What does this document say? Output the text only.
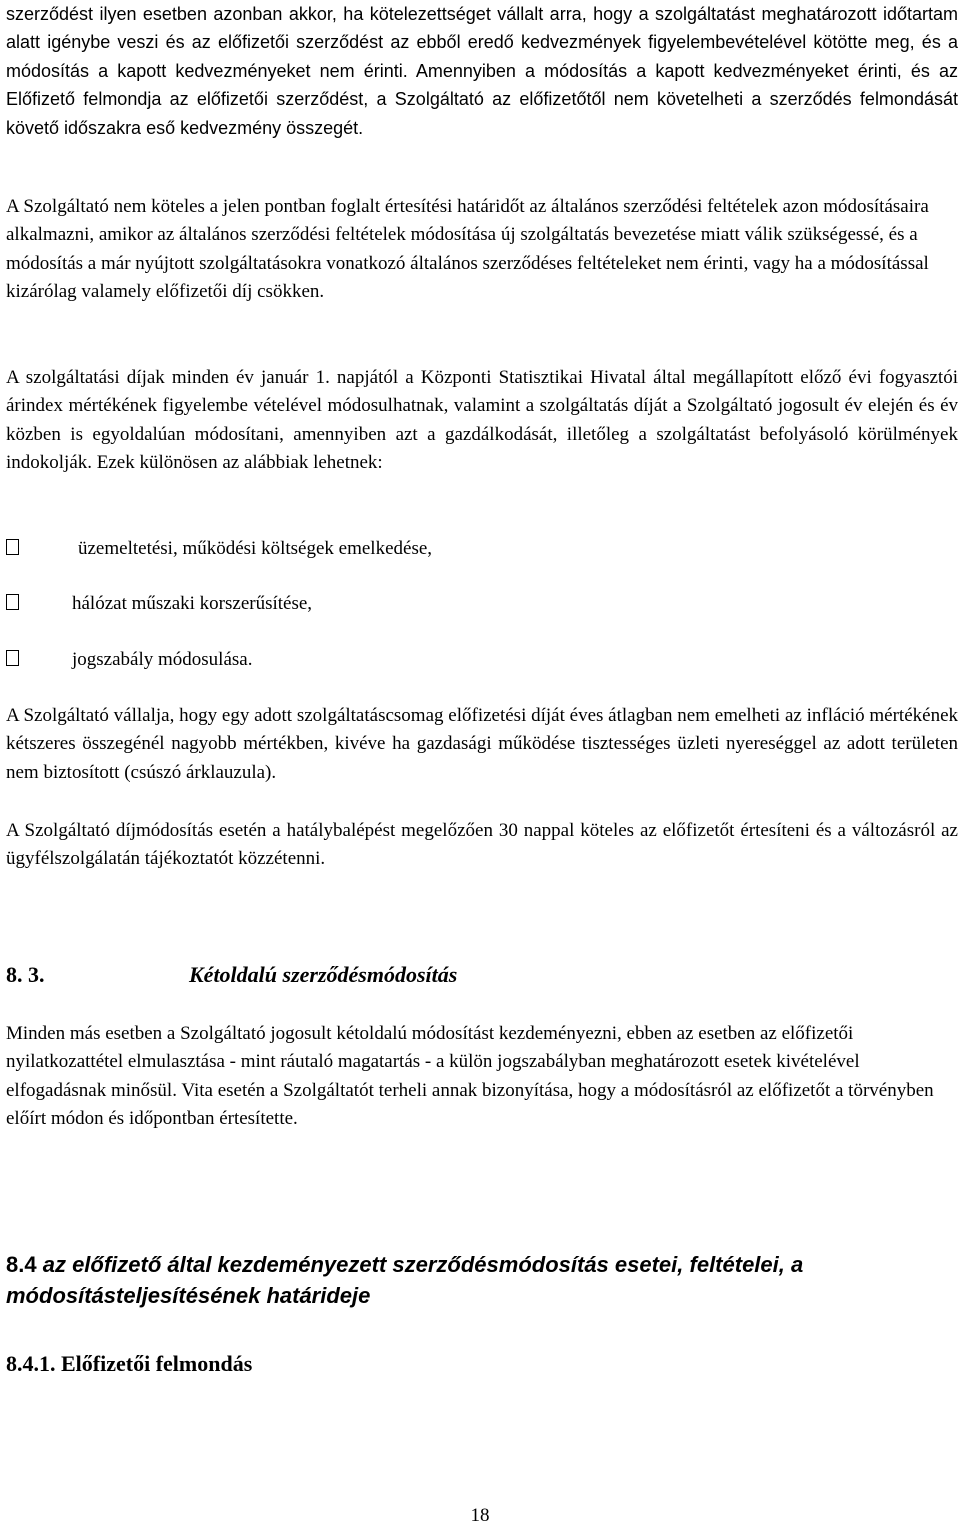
szerződést ilyen esetben azonban akkor, ha kötelezettséget vállalt arra, hogy a szolgáltatást meghatározott időtartam alatt igénybe veszi és az előfizetői szerződést az ebből eredő kedvezmények figyelembevételével kötötte meg, és a módosítás a kapott kedvezményeket nem érinti. Amennyiben a módosítás a kapott kedvezményeket érinti, és az Előfizető felmondja az előfizetői szerződést, a Szolgáltató az előfizetőtől nem követelheti a szerződés felmondását követő időszakra eső kedvezmény összegét.

A Szolgáltató nem köteles a jelen pontban foglalt értesítési határidőt az általános szerződési feltételek azon módosításaira alkalmazni, amikor az általános szerződési feltételek módosítása új szolgáltatás bevezetése miatt válik szükségessé, és a módosítás a már nyújtott szolgáltatásokra vonatkozó általános szerződéses feltételeket nem érinti, vagy ha a módosítással kizárólag valamely előfizetői díj csökken.

A szolgáltatási díjak minden év január 1. napjától a Központi Statisztikai Hivatal által megállapított előző évi fogyasztói árindex mértékének figyelembe vételével módosulhatnak, valamint a szolgáltatás díját a Szolgáltató jogosult év elején és év közben is egyoldalúan módosítani, amennyiben azt a gazdálkodását, illetőleg a szolgáltatást befolyásoló körülmények indokolják. Ezek különösen az alábbiak lehetnek:

üzemeltetési, működési költségek emelkedése,
hálózat műszaki korszerűsítése,
jogszabály módosulása.

A Szolgáltató vállalja, hogy egy adott szolgáltatáscsomag előfizetési díját éves átlagban nem emelheti az infláció mértékének kétszeres összegénél nagyobb mértékben, kivéve ha gazdasági működése tisztességes üzleti nyereséggel az adott területen nem biztosított (csúszó árklauzula).

A Szolgáltató díjmódosítás esetén a hatálybalépést megelőzően 30 nappal köteles az előfizetőt értesíteni és a változásról az ügyfélszolgálatán tájékoztatót közzétenni.

8. 3.	Kétoldalú szerződésmódosítás

Minden más esetben a Szolgáltató jogosult kétoldalú módosítást kezdeményezni, ebben az esetben az előfizetői nyilatkozattétel elmulasztása - mint ráutaló magatartás - a külön jogszabályban meghatározott esetek kivételével elfogadásnak minősül. Vita esetén a Szolgáltatót terheli annak bizonyítása, hogy a módosításról az előfizetőt a törvényben előírt módon és időpontban értesítette.

8.4 az előfizető által kezdeményezett szerződésmódosítás esetei, feltételei, a módosításteljesítésének határideje
8.4.1. Előfizetői felmondás
18
